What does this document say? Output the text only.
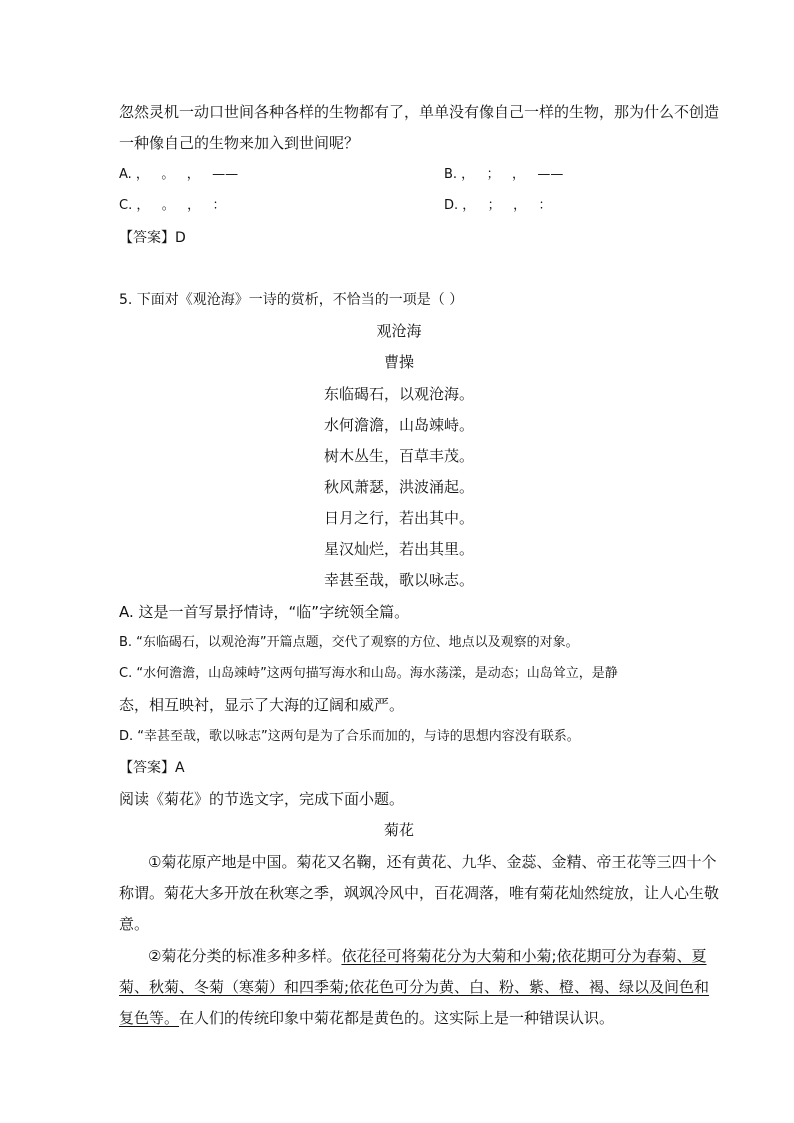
忽然灵机一动口世间各种各样的生物都有了，单单没有像自己一样的生物，那为什么不创造
一种像自己的生物来加入到世间呢？
A. ，   。   ，   ——	B. ，   ；   ，   ——
C. ，   。   ，   ：	D. ，   ；   ，   ：
【答案】D
5. 下面对《观沧海》一诗的赏析，不恰当的一项是（ ）
观沧海
曹操
东临碣石，以观沧海。
水何澹澹，山岛竦峙。
树木丛生，百草丰茂。
秋风萧瑟，洪波涌起。
日月之行，若出其中。
星汉灿烂，若出其里。
幸甚至哉，歌以咏志。
A. 这是一首写景抒情诗，“临”字统领全篇。
B. “东临碣石，以观沧海”开篇点题，交代了观察的方位、地点以及观察的对象。
C. “水何澹澹，山岛竦峙”这两句描写海水和山岛。海水荡漾，是动态；山岛耸立，是静
态，相互映衬，显示了大海的辽阔和威严。
D. “幸甚至哉，歌以咏志”这两句是为了合乐而加的，与诗的思想内容没有联系。
【答案】A
阅读《菊花》的节选文字，完成下面小题。
菊花
①菊花原产地是中国。菊花又名鞠，还有黄花、九华、金蕊、金精、帝王花等三四十个
称谓。菊花大多开放在秋寒之季，飒飒冷风中，百花凋落，唯有菊花灿然绽放，让人心生敬
意。
②菊花分类的标准多种多样。依花径可将菊花分为大菊和小菊;依花期可分为春菊、夏
菊、秋菊、冬菊（寒菊）和四季菊;依花色可分为黄、白、粉、紫、橙、褐、绿以及间色和
复色等。在人们的传统印象中菊花都是黄色的。这实际上是一种错误认识。
